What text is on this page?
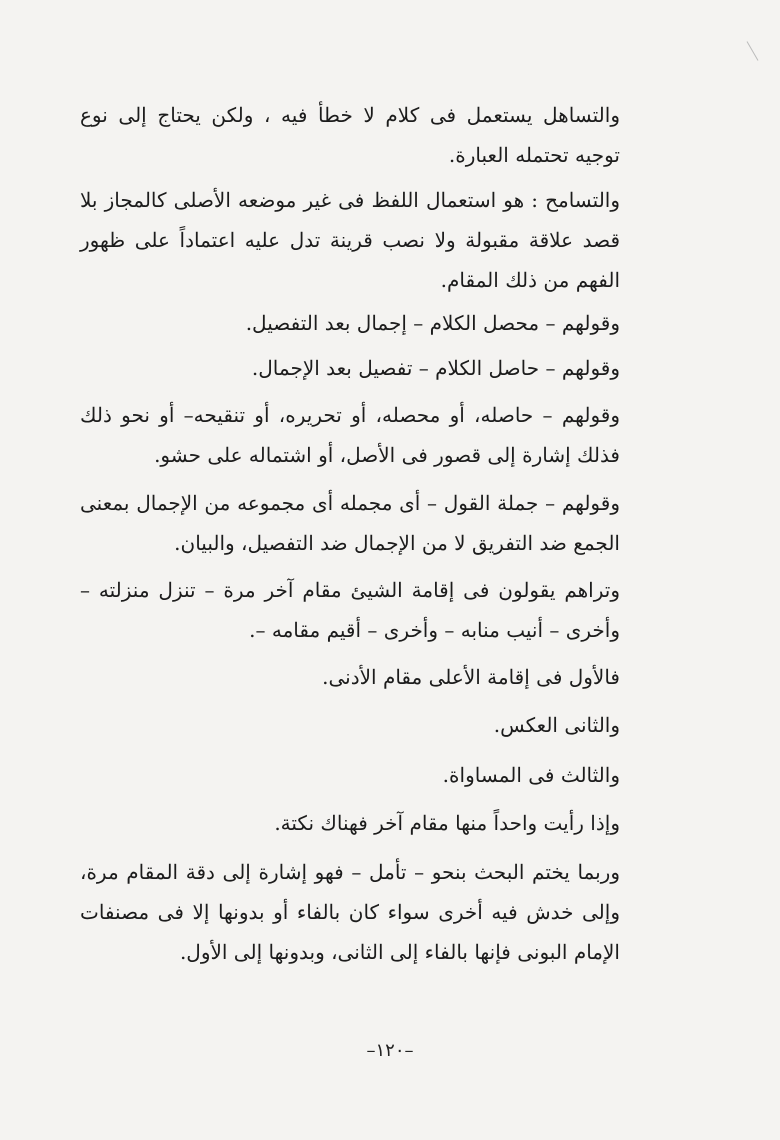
والتساهل يستعمل فى كلام لا خطأ فيه ، ولكن يحتاج إلى نوع توجيه تحتمله العبارة.

والتسامح : هو استعمال اللفظ فى غير موضعه الأصلى كالمجاز بلا قصد علاقة مقبولة ولا نصب قرينة تدل عليه اعتماداً على ظهور الفهم من ذلك المقام.

وقولهم – محصل الكلام – إجمال بعد التفصيل.

وقولهم – حاصل الكلام – تفصيل بعد الإجمال.

وقولهم – حاصله، أو محصله، أو تحريره، أو تنقيحه– أو نحو ذلك فذلك إشارة إلى قصور فى الأصل، أو اشتماله على حشو.

وقولهم – جملة القول – أى مجمله أى مجموعه من الإجمال بمعنى الجمع ضد التفريق لا من الإجمال ضد التفصيل، والبيان.

وتراهم يقولون فى إقامة الشيئ مقام آخر مرة – تنزل منزلته – وأخرى – أنيب منابه – وأخرى – أقيم مقامه –.

فالأول فى إقامة الأعلى مقام الأدنى.

والثانى العكس.

والثالث فى المساواة.

وإذا رأيت واحداً منها مقام آخر فهناك نكتة.

وربما يختم البحث بنحو – تأمل – فهو إشارة إلى دقة المقام مرة، وإلى خدش فيه أخرى سواء كان بالفاء أو بدونها إلا فى مصنفات الإمام البونى فإنها بالفاء إلى الثانى، وبدونها إلى الأول.

–١٢٠–
